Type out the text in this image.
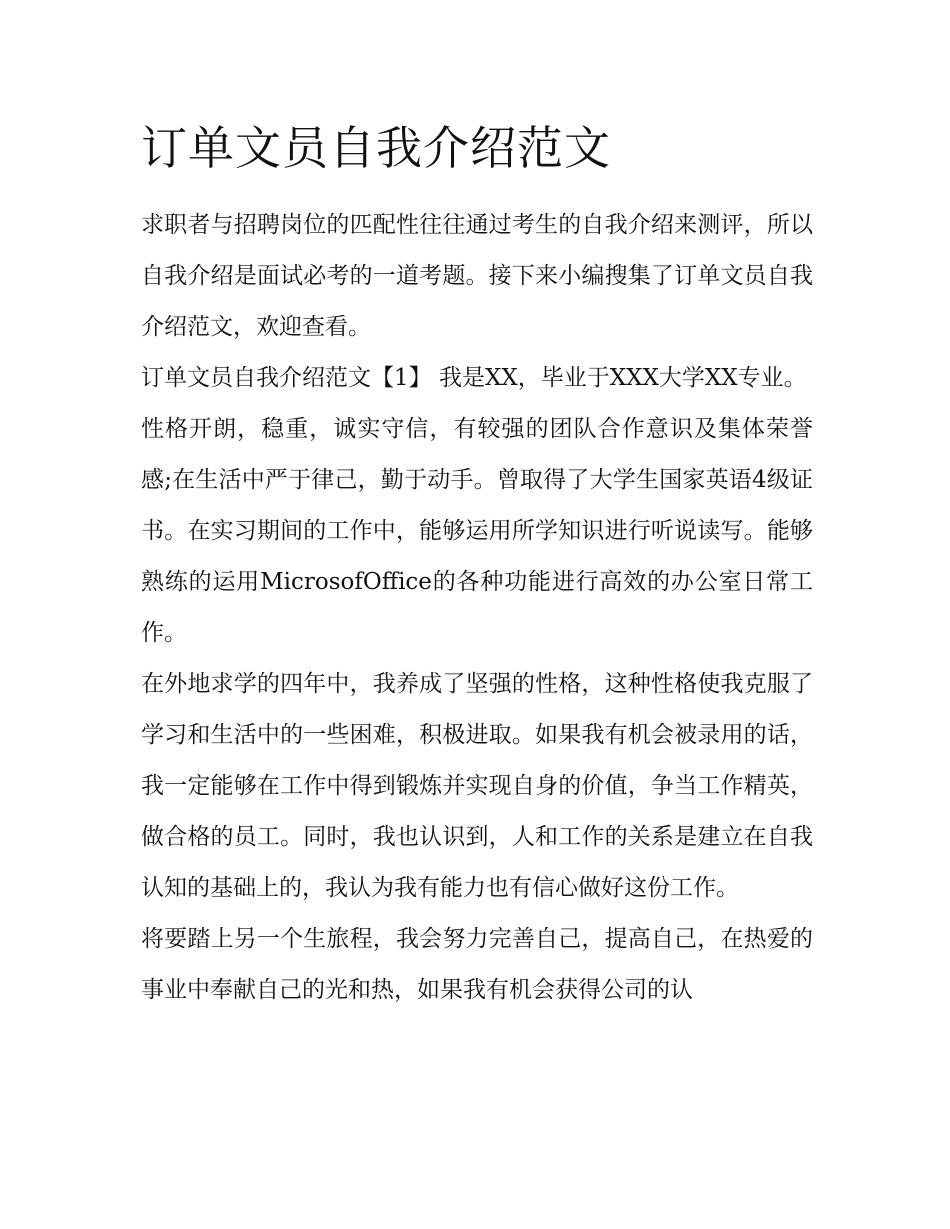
订单文员自我介绍范文

求职者与招聘岗位的匹配性往往通过考生的自我介绍来测评，所以自我介绍是面试必考的一道考题。接下来小编搜集了订单文员自我介绍范文，欢迎查看。

订单文员自我介绍范文【1】 我是XX，毕业于XXX大学XX专业。

性格开朗，稳重，诚实守信，有较强的团队合作意识及集体荣誉感;在生活中严于律己，勤于动手。曾取得了大学生国家英语4级证书。在实习期间的工作中，能够运用所学知识进行听说读写。能够熟练的运用MicrosofOffice的各种功能进行高效的办公室日常工作。

在外地求学的四年中，我养成了坚强的性格，这种性格使我克服了学习和生活中的一些困难，积极进取。如果我有机会被录用的话，我一定能够在工作中得到锻炼并实现自身的价值，争当工作精英，做合格的员工。同时，我也认识到，人和工作的关系是建立在自我认知的基础上的，我认为我有能力也有信心做好这份工作。

将要踏上另一个生旅程，我会努力完善自己，提高自己，在热爱的事业中奉献自己的光和热，如果我有机会获得公司的认
